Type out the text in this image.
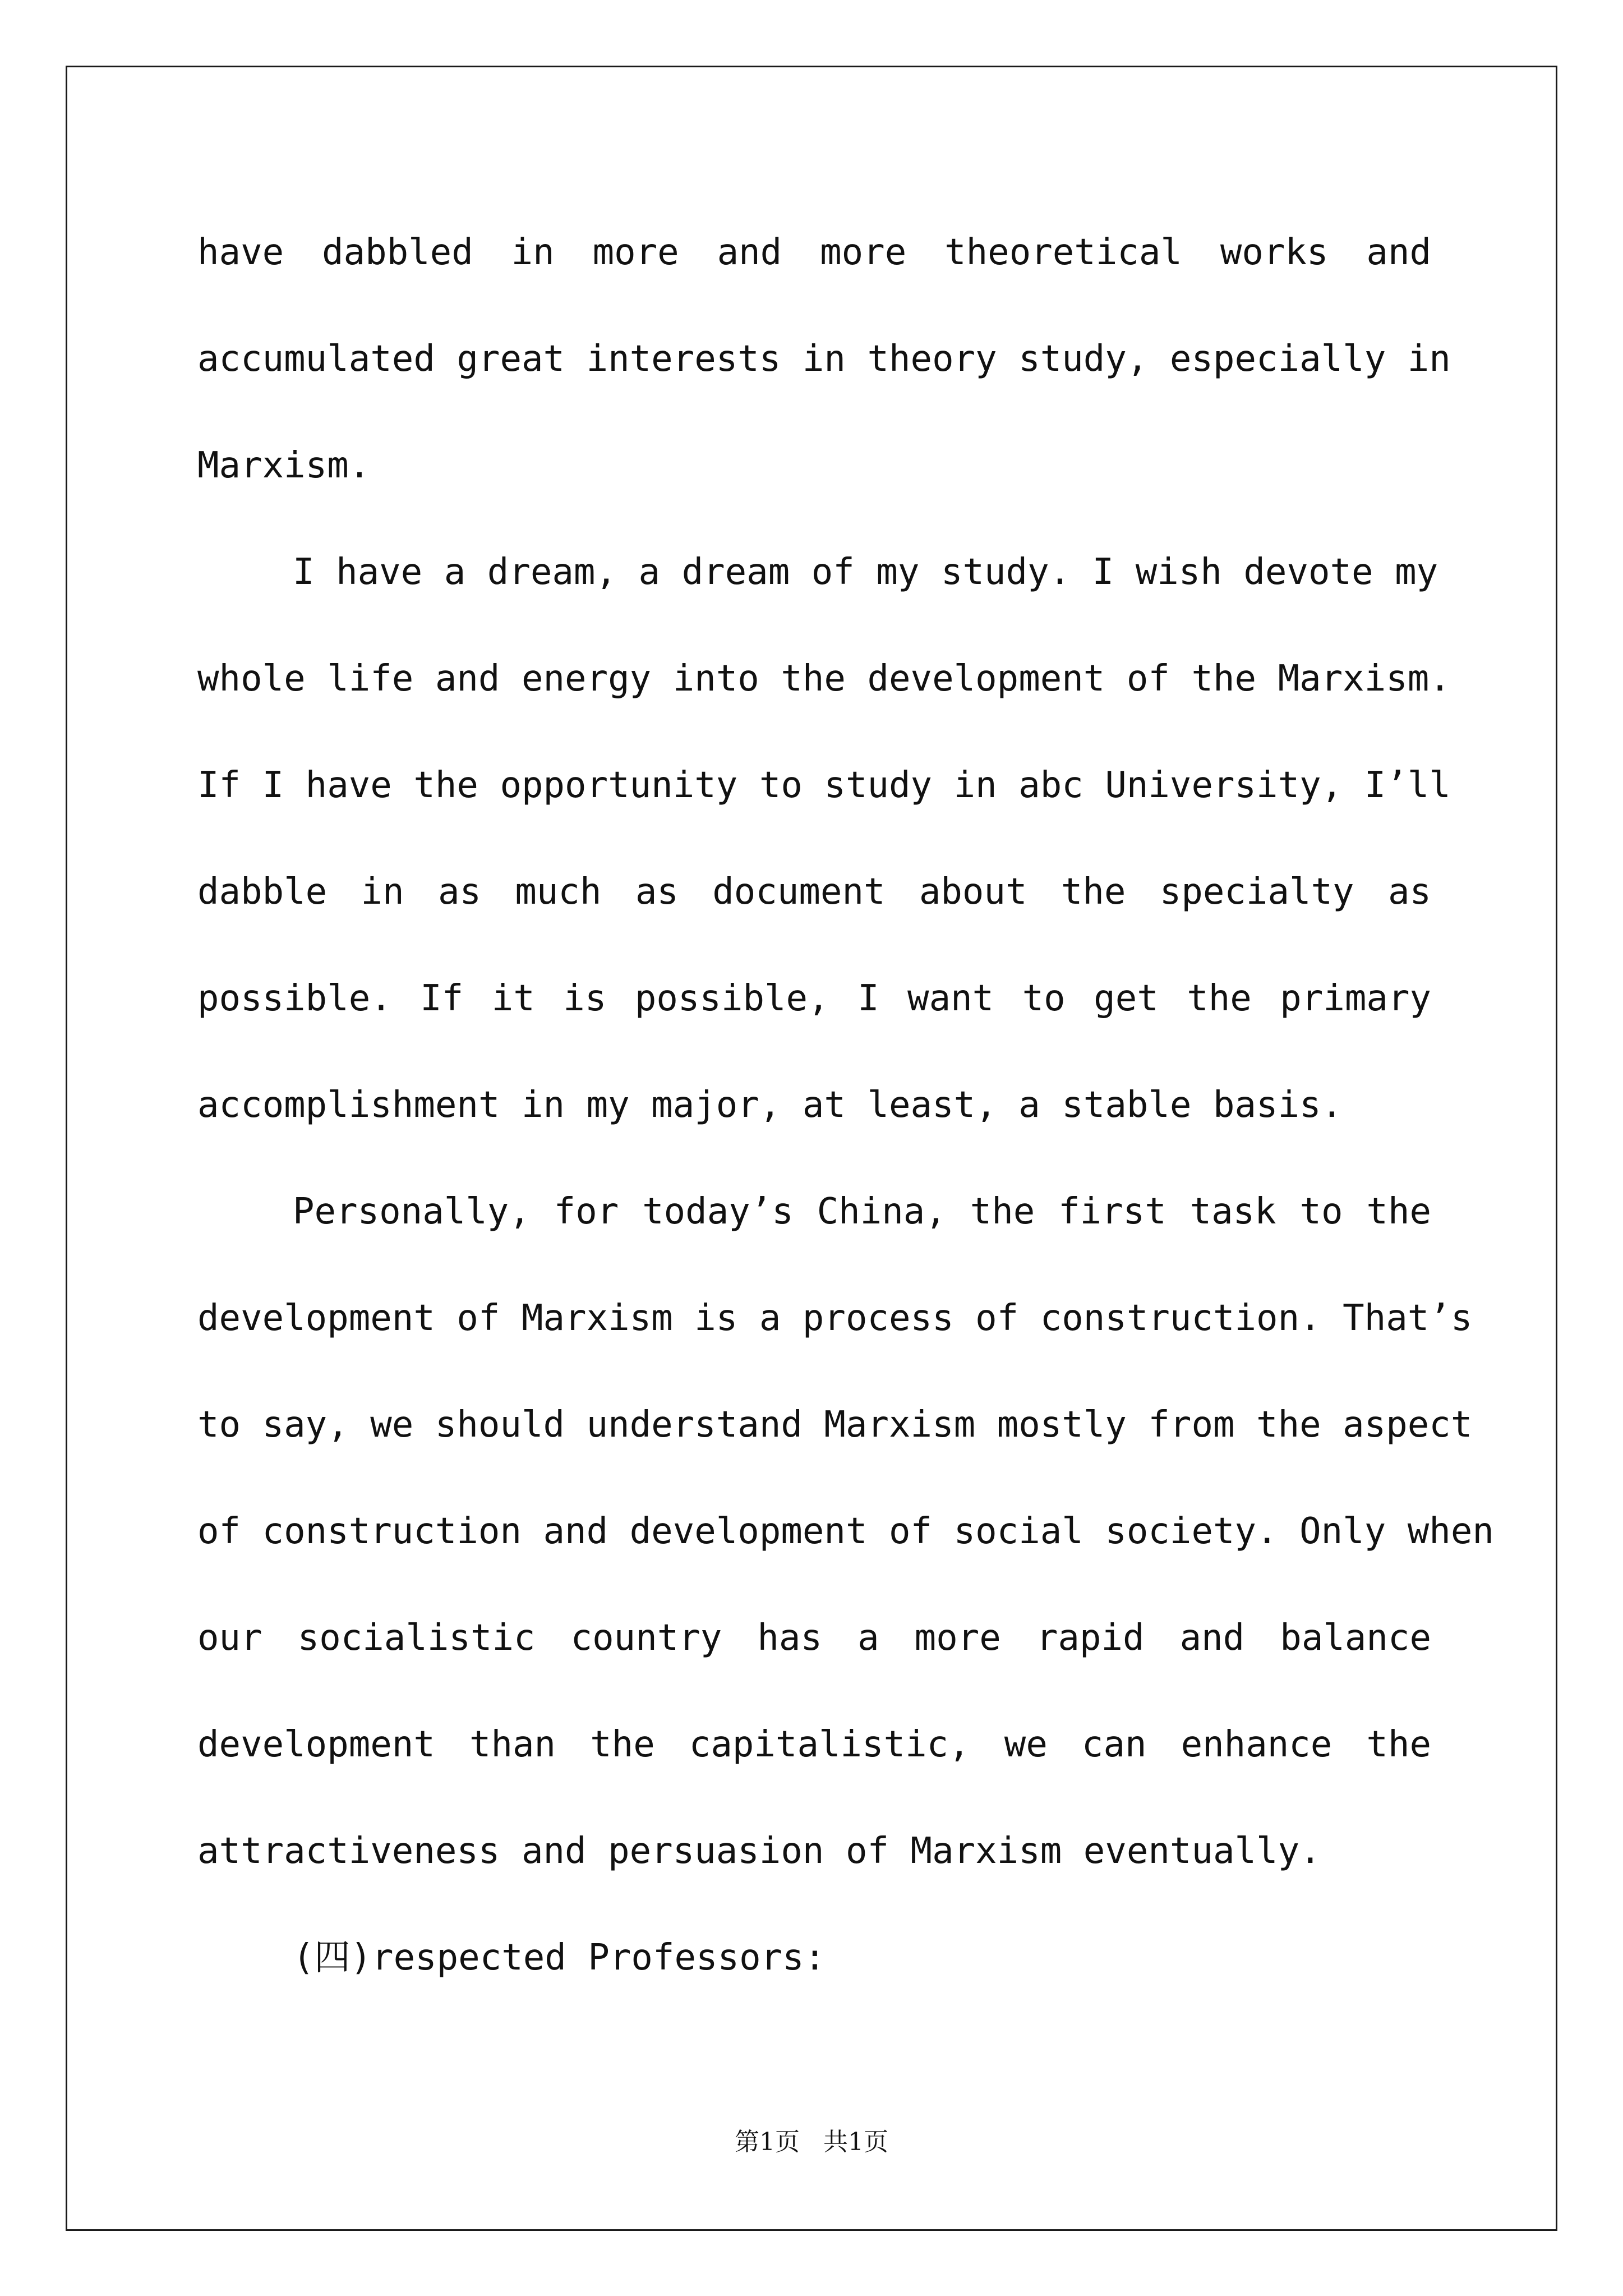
have dabbled in more and more theoretical works and
accumulated great interests in theory study, especially in
Marxism.
I have a dream, a dream of my study. I wish devote my
whole life and energy into the development of the Marxism.
If I have the opportunity to study in abc University, I’ll
dabble in as much as document about the specialty as
possible. If it is possible, I want to get the primary
accomplishment in my major, at least, a stable basis.
Personally, for today’s China, the first task to the
development of Marxism is a process of construction. That’s
to say, we should understand Marxism mostly from the aspect
of construction and development of social society. Only when
our socialistic country has a more rapid and balance
development than the capitalistic, we can enhance the
attractiveness and persuasion of Marxism eventually.
(四)respected Professors:
第1页   共1页
